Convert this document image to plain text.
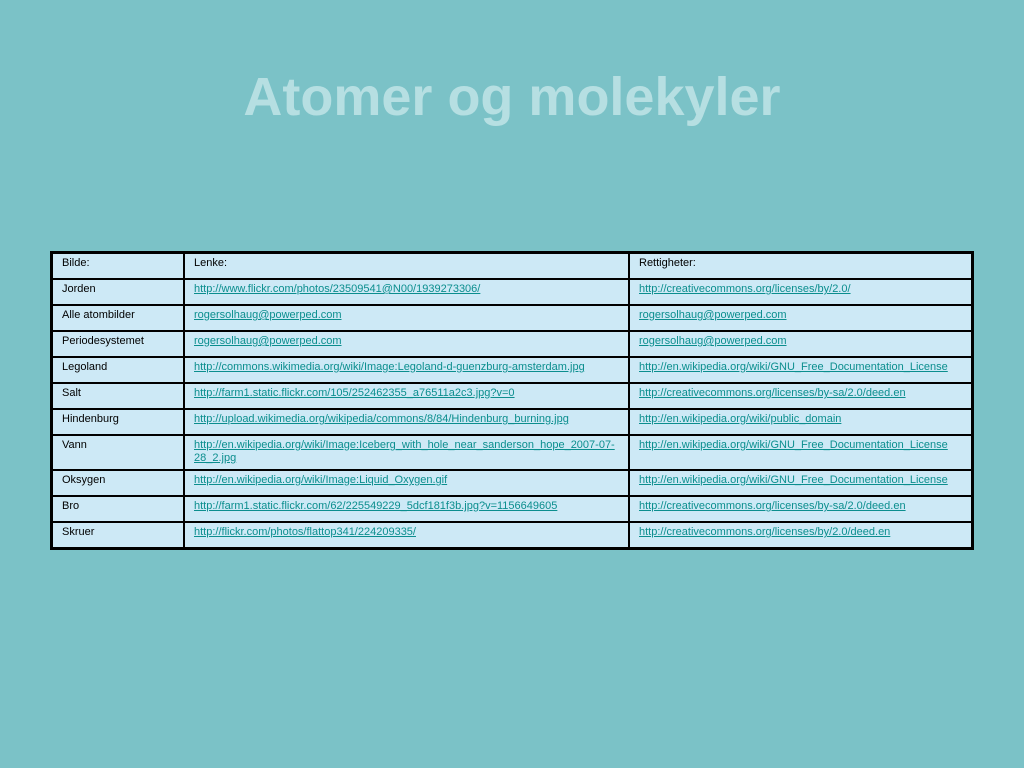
Atomer og molekyler
Bilde:	Lenke:	Rettigheter:
Jorden	http://www.flickr.com/photos/23509541@N00/1939273306/	http://creativecommons.org/licenses/by/2.0/
Alle atombilder	rogersolhaug@powerped.com	rogersolhaug@powerped.com
Periodesystemet	rogersolhaug@powerped.com	rogersolhaug@powerped.com
Legoland	http://commons.wikimedia.org/wiki/Image:Legoland-d-guenzburg-amsterdam.jpg	http://en.wikipedia.org/wiki/GNU_Free_Documentation_License
Salt	http://farm1.static.flickr.com/105/252462355_a76511a2c3.jpg?v=0	http://creativecommons.org/licenses/by-sa/2.0/deed.en
Hindenburg	http://upload.wikimedia.org/wikipedia/commons/8/84/Hindenburg_burning.jpg	http://en.wikipedia.org/wiki/public_domain
Vann	http://en.wikipedia.org/wiki/Image:Iceberg_with_hole_near_sanderson_hope_2007-07-28_2.jpg	http://en.wikipedia.org/wiki/GNU_Free_Documentation_License
Oksygen	http://en.wikipedia.org/wiki/Image:Liquid_Oxygen.gif	http://en.wikipedia.org/wiki/GNU_Free_Documentation_License
Bro	http://farm1.static.flickr.com/62/225549229_5dcf181f3b.jpg?v=1156649605	http://creativecommons.org/licenses/by-sa/2.0/deed.en
Skruer	http://flickr.com/photos/flattop341/224209335/	http://creativecommons.org/licenses/by/2.0/deed.en
